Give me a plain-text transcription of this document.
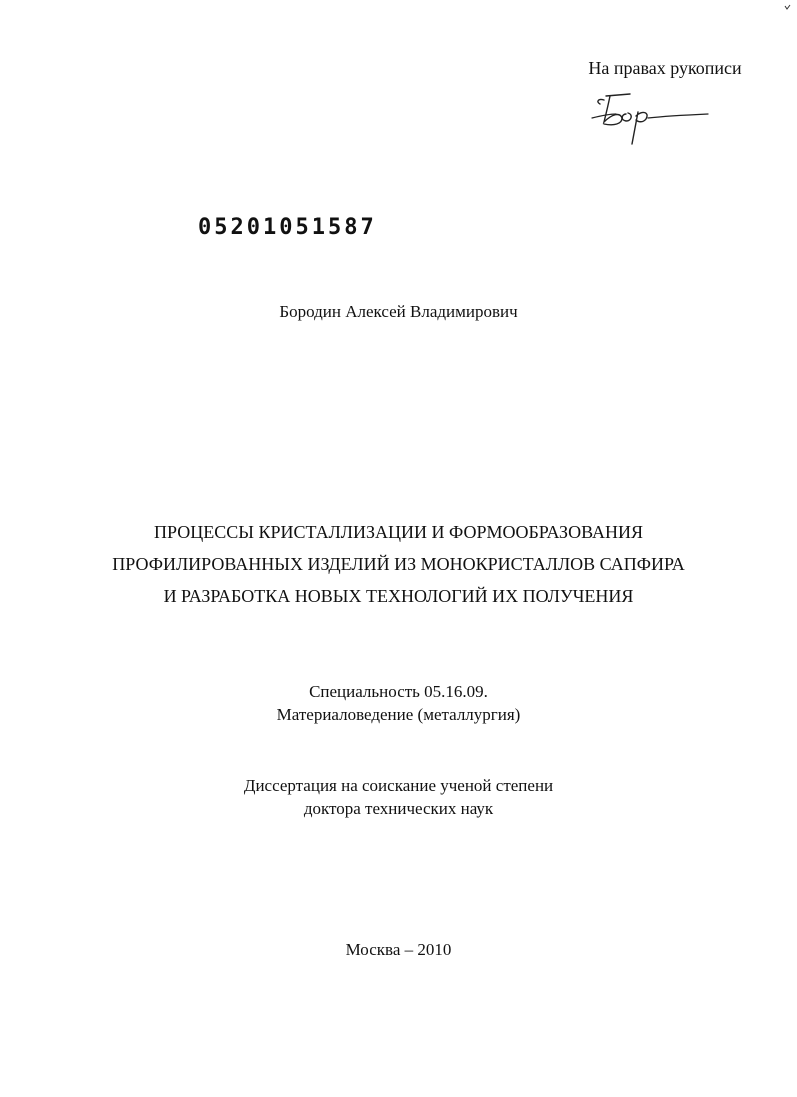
На правах рукописи
05201051587
Бородин Алексей Владимирович
ПРОЦЕССЫ КРИСТАЛЛИЗАЦИИ И ФОРМООБРАЗОВАНИЯ
ПРОФИЛИРОВАННЫХ ИЗДЕЛИЙ ИЗ МОНОКРИСТАЛЛОВ САПФИРА
И РАЗРАБОТКА НОВЫХ ТЕХНОЛОГИЙ ИХ ПОЛУЧЕНИЯ
Специальность 05.16.09.
Материаловедение (металлургия)
Диссертация на соискание ученой степени
доктора технических наук
Москва – 2010
